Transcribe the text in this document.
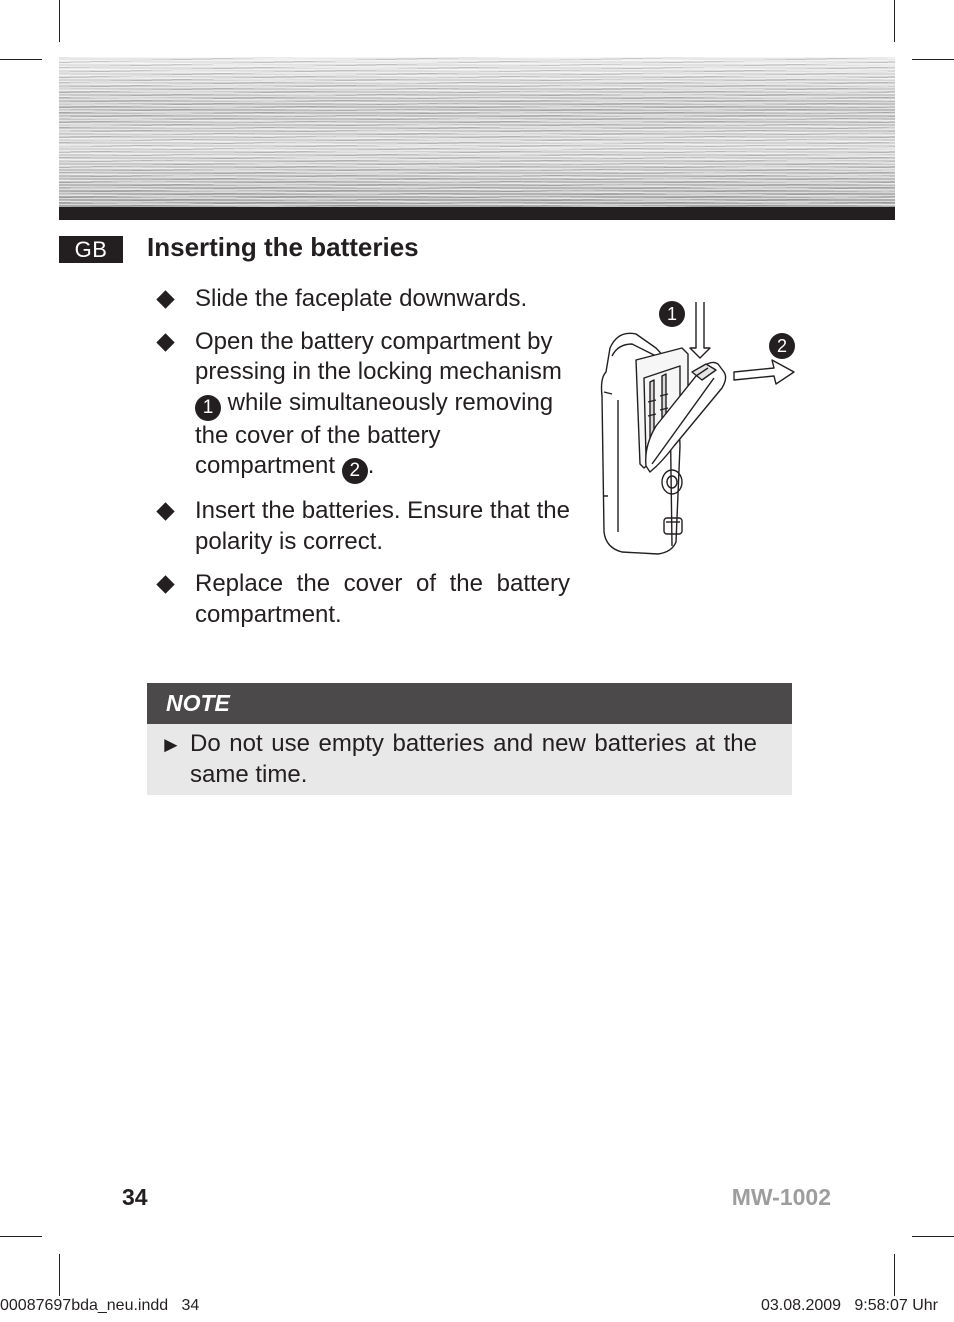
GB	Inserting the batteries
Slide the faceplate downwards.
Open the battery compartment by pressing in the locking mechanism 1 while simultaneously removing the cover of the battery compartment 2 .
Insert the batteries. Ensure that the polarity is correct.
Replace the cover of the battery compartment.
1
2
NOTE
► Do not use empty batteries and new batteries at the same time.
34	MW-1002
00087697bda_neu.indd   34	03.08.2009   9:58:07 Uhr
